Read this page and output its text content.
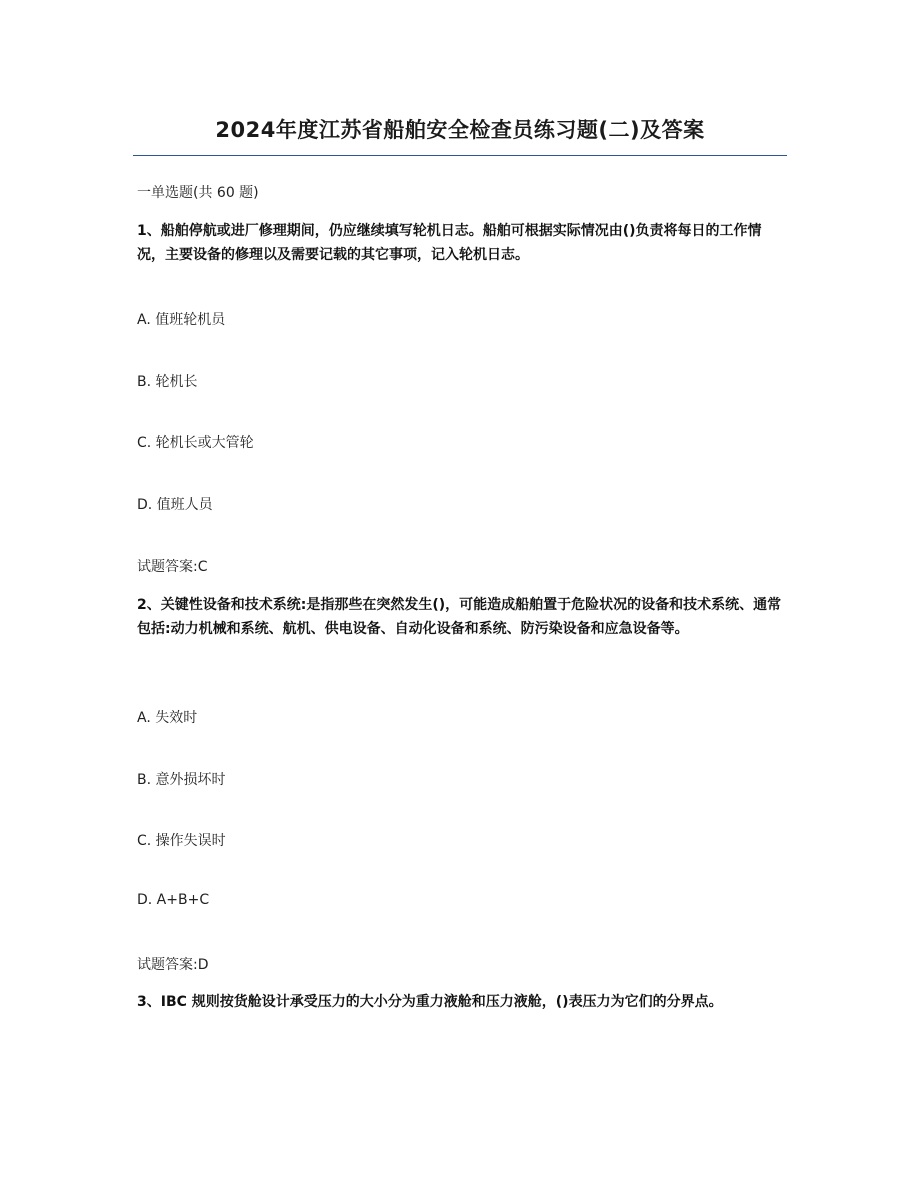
2024年度江苏省船舶安全检查员练习题(二)及答案
一单选题(共 60 题)
1、船舶停航或进厂修理期间，仍应继续填写轮机日志。船舶可根据实际情况由()负责将每日的工作情况，主要设备的修理以及需要记载的其它事项，记入轮机日志。
A. 值班轮机员
B. 轮机长
C. 轮机长或大管轮
D. 值班人员
试题答案:C
2、关键性设备和技术系统:是指那些在突然发生()，可能造成船舶置于危险状况的设备和技术系统、通常包括:动力机械和系统、航机、供电设备、自动化设备和系统、防污染设备和应急设备等。
A. 失效时
B. 意外损坏时
C. 操作失误时
D. A+B+C
试题答案:D
3、IBC 规则按货舱设计承受压力的大小分为重力液舱和压力液舱，()表压力为它们的分界点。
